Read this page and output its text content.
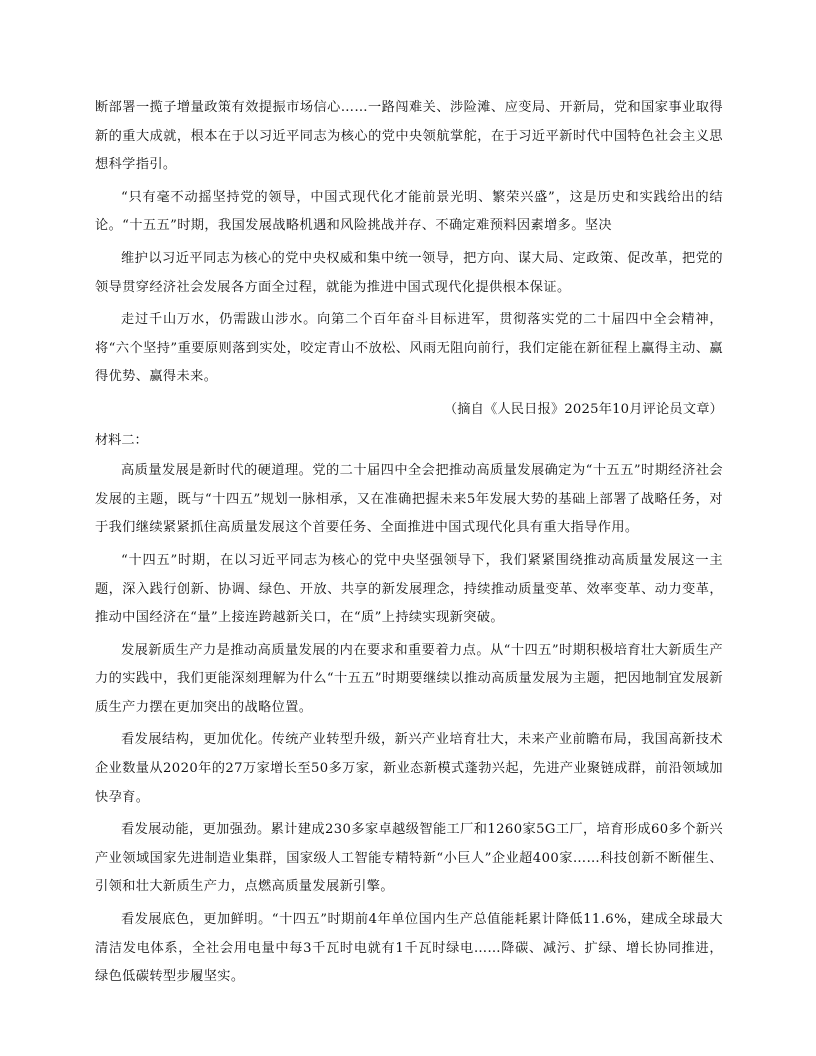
断部署一揽子增量政策有效提振市场信心……一路闯难关、涉险滩、应变局、开新局，党和国家事业取得新的重大成就，根本在于以习近平同志为核心的党中央领航掌舵，在于习近平新时代中国特色社会主义思想科学指引。

“只有毫不动摇坚持党的领导，中国式现代化才能前景光明、繁荣兴盛”，这是历史和实践给出的结论。“十五五”时期，我国发展战略机遇和风险挑战并存、不确定难预料因素增多。坚决

维护以习近平同志为核心的党中央权威和集中统一领导，把方向、谋大局、定政策、促改革，把党的领导贯穿经济社会发展各方面全过程，就能为推进中国式现代化提供根本保证。

走过千山万水，仍需跋山涉水。向第二个百年奋斗目标进军，贯彻落实党的二十届四中全会精神，将“六个坚持”重要原则落到实处，咬定青山不放松、风雨无阻向前行，我们定能在新征程上赢得主动、赢得优势、赢得未来。

（摘自《人民日报》2025年10月评论员文章）

材料二：

高质量发展是新时代的硬道理。党的二十届四中全会把推动高质量发展确定为“十五五”时期经济社会发展的主题，既与“十四五”规划一脉相承，又在准确把握未来5年发展大势的基础上部署了战略任务，对于我们继续紧紧抓住高质量发展这个首要任务、全面推进中国式现代化具有重大指导作用。

“十四五”时期，在以习近平同志为核心的党中央坚强领导下，我们紧紧围绕推动高质量发展这一主题，深入践行创新、协调、绿色、开放、共享的新发展理念，持续推动质量变革、效率变革、动力变革，推动中国经济在“量”上接连跨越新关口，在“质”上持续实现新突破。

发展新质生产力是推动高质量发展的内在要求和重要着力点。从“十四五”时期积极培育壮大新质生产力的实践中，我们更能深刻理解为什么“十五五”时期要继续以推动高质量发展为主题，把因地制宜发展新质生产力摆在更加突出的战略位置。

看发展结构，更加优化。传统产业转型升级，新兴产业培育壮大，未来产业前瞻布局，我国高新技术企业数量从2020年的27万家增长至50多万家，新业态新模式蓬勃兴起，先进产业聚链成群，前沿领域加快孕育。

看发展动能，更加强劲。累计建成230多家卓越级智能工厂和1260家5G工厂，培育形成60多个新兴产业领域国家先进制造业集群，国家级人工智能专精特新“小巨人”企业超400家……科技创新不断催生、引领和壮大新质生产力，点燃高质量发展新引擎。

看发展底色，更加鲜明。“十四五”时期前4年单位国内生产总值能耗累计降低11.6%，建成全球最大清洁发电体系，全社会用电量中每3千瓦时电就有1千瓦时绿电……降碳、减污、扩绿、增长协同推进，绿色低碳转型步履坚实。
